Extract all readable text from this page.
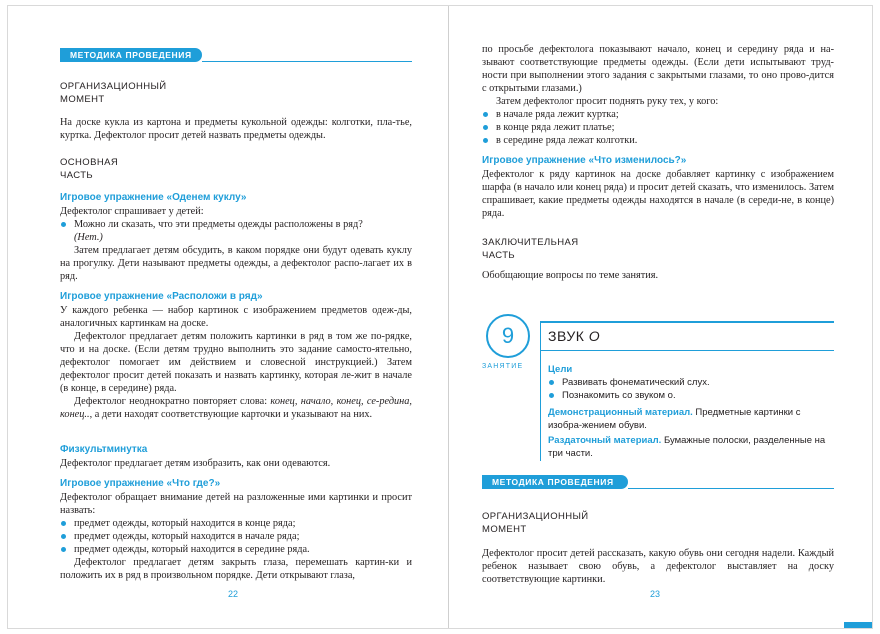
МЕТОДИКА ПРОВЕДЕНИЯ
ОРГАНИЗАЦИОННЫЙ
МОМЕНТ
На доске кукла из картона и предметы кукольной одежды: колготки, пла-тье, куртка. Дефектолог просит детей назвать предметы одежды.
ОСНОВНАЯ
ЧАСТЬ
Игровое упражнение «Оденем куклу»
Дефектолог спрашивает у детей:
Можно ли сказать, что эти предметы одежды расположены в ряд?
(Нет.)
Затем предлагает детям обсудить, в каком порядке они будут одевать куклу на прогулку. Дети называют предметы одежды, а дефектолог распо-лагает их в ряд.
Игровое упражнение «Расположи в ряд»
У каждого ребенка — набор картинок с изображением предметов одеж-ды, аналогичных картинкам на доске.
Дефектолог предлагает детям положить картинки в ряд в том же по-рядке, что и на доске. (Если детям трудно выполнить это задание самосто-ятельно, дефектолог помогает им действием и словесной инструкцией.) Затем дефектолог просит детей показать и назвать картинку, которая ле-жит в начале (в конце, в середине) ряда.
Дефектолог неоднократно повторяет слова: конец, начало, конец, се-редина, конец.., а дети находят соответствующие карточки и указывают на них.
Физкультминутка
Дефектолог предлагает детям изобразить, как они одеваются.
Игровое упражнение «Что где?»
Дефектолог обращает внимание детей на разложенные ими картинки и просит назвать:
предмет одежды, который находится в конце ряда;
предмет одежды, который находится в начале ряда;
предмет одежды, который находится в середине ряда.
Дефектолог предлагает детям закрыть глаза, перемешать картин-ки и положить их в ряд в произвольном порядке. Дети открывают глаза,
22
по просьбе дефектолога показывают начало, конец и середину ряда и на-зывают соответствующие предметы одежды. (Если дети испытывают труд-ности при выполнении этого задания с закрытыми глазами, то оно прово-дится с открытыми глазами.)
Затем дефектолог просит поднять руку тех, у кого:
в начале ряда лежит куртка;
в конце ряда лежит платье;
в середине ряда лежат колготки.
Игровое упражнение «Что изменилось?»
Дефектолог к ряду картинок на доске добавляет картинку с изображением шарфа (в начало или конец ряда) и просит детей сказать, что изменилось. Затем спрашивает, какие предметы одежды находятся в начале (в середи-не, в конце) ряда.
ЗАКЛЮЧИТЕЛЬНАЯ
ЧАСТЬ
Обобщающие вопросы по теме занятия.
9
ЗАНЯТИЕ
ЗВУК О
Цели
Развивать фонематический слух.
Познакомить со звуком о.
Демонстрационный материал. Предметные картинки с изобра-жением обуви.
Раздаточный материал. Бумажные полоски, разделенные на три части.
МЕТОДИКА ПРОВЕДЕНИЯ
ОРГАНИЗАЦИОННЫЙ
МОМЕНТ
Дефектолог просит детей рассказать, какую обувь они сегодня надели. Каждый ребенок называет свою обувь, а дефектолог выставляет на доску соответствующие картинки.
23
